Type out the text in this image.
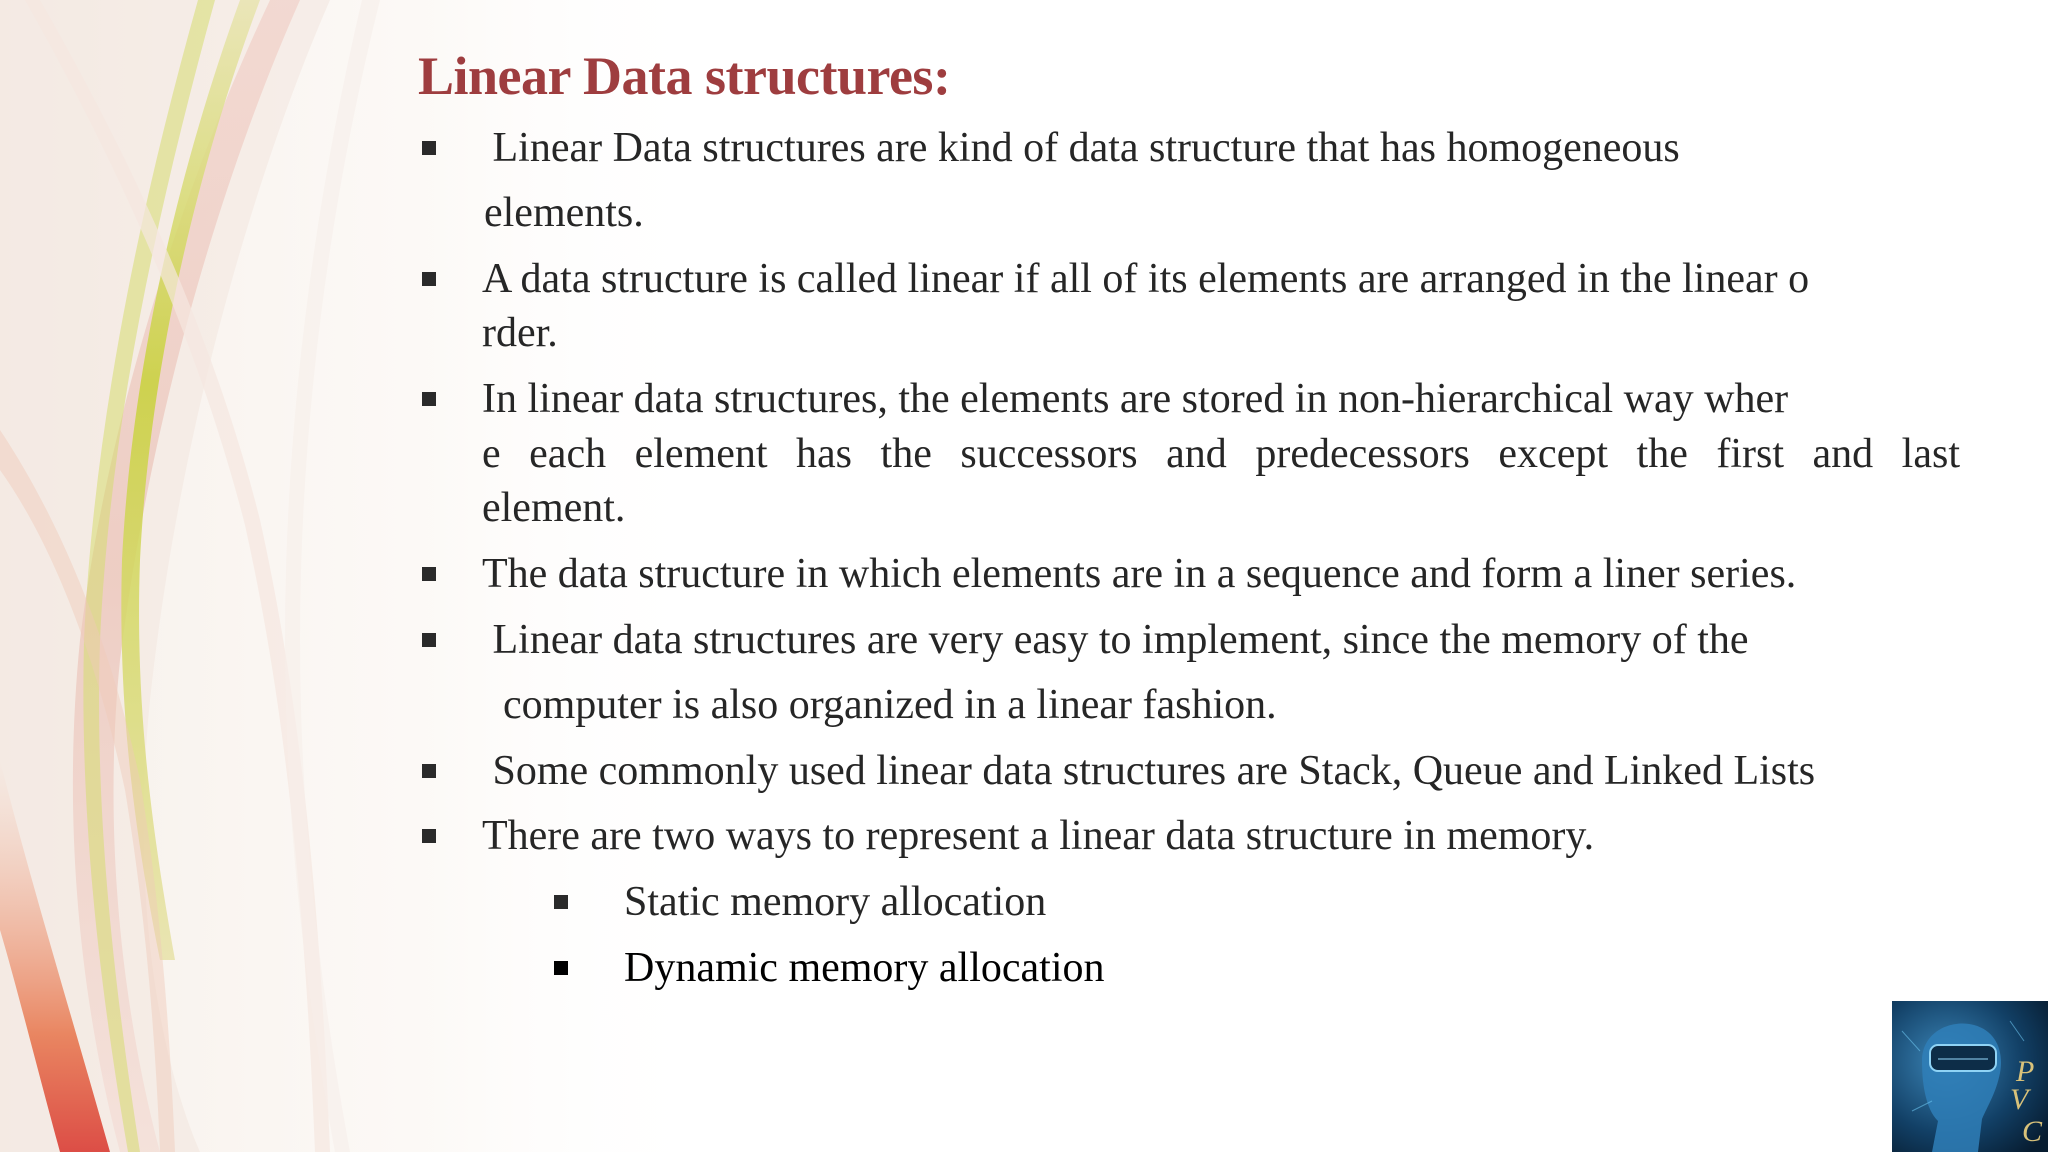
Linear Data structures:
Linear Data structures are kind of data structure that has homogeneous
elements.
A data structure is called linear if all of its elements are arranged in the linear o
rder.
In linear data structures, the elements are stored in non-hierarchical way wher
e each element has the successors and predecessors except the first and last
element.
The data structure in which elements are in a sequence and form a liner series.
Linear data structures are very easy to implement, since the memory of the
computer is also organized in a linear fashion.
Some commonly used linear data structures are Stack, Queue and Linked Lists
There are two ways to represent a linear data structure in memory.
Static memory allocation
Dynamic memory allocation
P
V
C
